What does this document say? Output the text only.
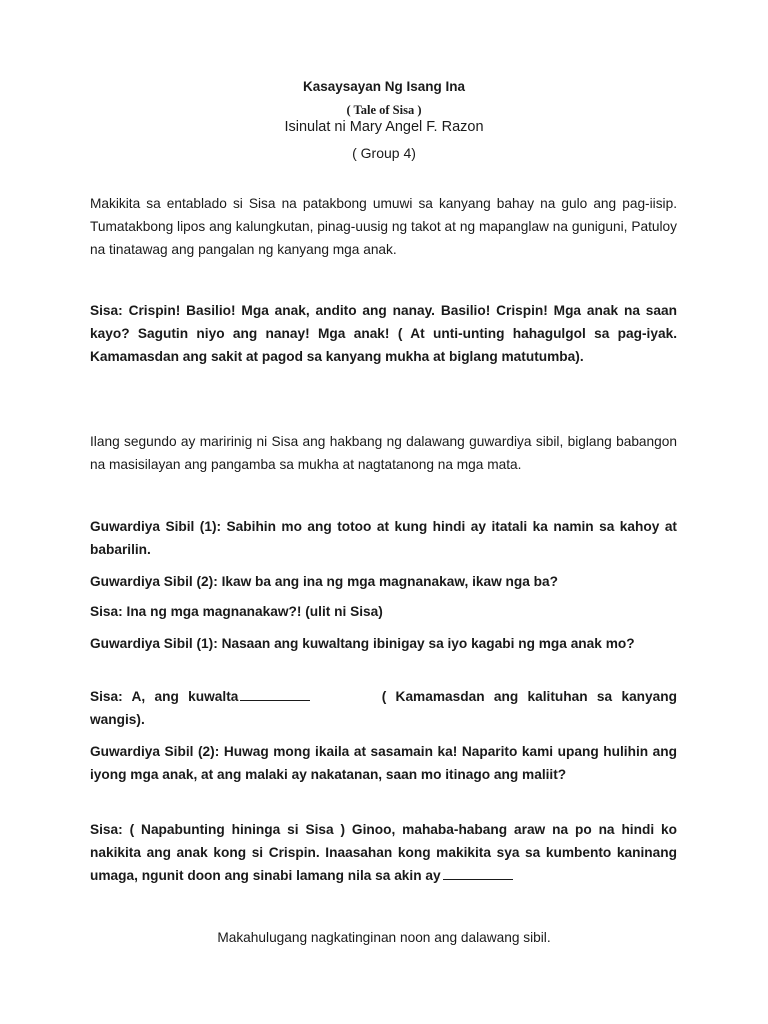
Kasaysayan Ng Isang Ina
( Tale of Sisa )
Isinulat ni Mary Angel F. Razon
( Group 4)

Makikita sa entablado si Sisa na patakbong umuwi sa kanyang bahay na gulo ang pag-iisip. Tumatakbong lipos ang kalungkutan, pinag-uusig ng takot at ng mapanglaw na guniguni, Patuloy na tinatawag ang pangalan ng kanyang mga anak.

Sisa: Crispin! Basilio! Mga anak, andito ang nanay. Basilio! Crispin! Mga anak na saan kayo? Sagutin niyo ang nanay! Mga anak! ( At unti-unting hahagulgol sa pag-iyak. Kamamasdan ang sakit at pagod sa kanyang mukha at biglang matutumba).

Ilang segundo ay maririnig ni Sisa ang hakbang ng dalawang guwardiya sibil, biglang babangon na masisilayan ang pangamba sa mukha at nagtatanong na mga mata.

Guwardiya Sibil (1): Sabihin mo ang totoo at kung hindi ay itatali ka namin sa kahoy at babarilin.

Guwardiya Sibil (2): Ikaw ba ang ina ng mga magnanakaw, ikaw nga ba?

Sisa: Ina ng mga magnanakaw?! (ulit ni Sisa)

Guwardiya Sibil (1): Nasaan ang kuwaltang ibinigay sa iyo kagabi ng mga anak mo?

Sisa: A, ang kuwalta	( Kamamasdan ang kalituhan sa kanyang wangis).

Guwardiya Sibil (2): Huwag mong ikaila at sasamain ka! Naparito kami upang hulihin ang iyong mga anak, at ang malaki ay nakatanan, saan mo itinago ang maliit?

Sisa: ( Napabunting hininga si Sisa ) Ginoo, mahaba-habang araw na po na hindi ko nakikita ang anak kong si Crispin. Inaasahan kong makikita sya sa kumbento kaninang umaga, ngunit doon ang sinabi lamang nila sa akin ay

Makahulugang nagkatinginan noon ang dalawang sibil.
